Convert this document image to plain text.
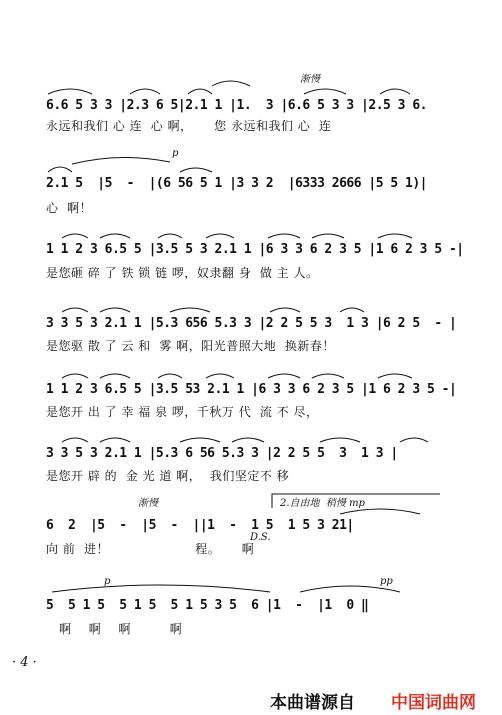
渐慢
6.6 5 3 3 |2.3 6 5|2.1 1 |1.  3 |6.6 5 3 3 |2.5 3 6.
永远和我们 心 连  心 啊，     您 永远和我们 心  连
p
2.1 5  |5  -  |(6 56 5 1 |3 3 2  |6333 2666 |5 5 1)|
心  啊！
1 1 2 3 6.5 5 |3.5 5 3 2.1 1 |6 3 3 6 2 3 5 |1 6 2 3 5 -|
是您砸 碎 了 铁 锁 链 啰，奴隶翻 身  做 主 人。
3 3 5 3 2.1 1 |5.3 656 5.3 3 |2 2 5 5 3  1 3 |6 2 5  - |
是您驱 散 了 云 和  雾 啊，阳光普照大地  换新春！
1 1 2 3 6.5 5 |3.5 53 2.1 1 |6 3 3 6 2 3 5 |1 6 2 3 5 -|
是您开 出 了 幸 福 泉 啰，千秋万 代  流 不 尽，
3 3 5 3 2.1 1 |5.3 6 56 5.3 3 |2 2 5 5  3  1 3 |
是您开 辟 的  金 光 道 啊，  我们坚定不 移
渐慢	2.自由地  稍慢 mp
6  2  |5  -  |5  -  ||1  -  1 5  1 5 3 21|
D.S.
向 前  进！                    程。     啊
p	pp
5  5 1 5  5 1 5  5 1 5 3 5  6 |1  -  |1  0 ‖
啊    啊    啊         啊
· 4 ·
本曲谱源自 中国词曲网
